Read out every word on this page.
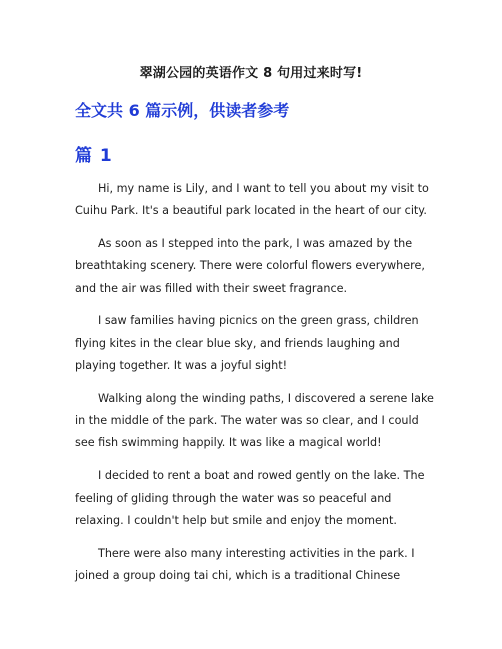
翠湖公园的英语作文 8 句用过来时写!
全文共 6 篇示例，供读者参考
篇 1

Hi, my name is Lily, and I want to tell you about my visit to Cuihu Park. It's a beautiful park located in the heart of our city.

As soon as I stepped into the park, I was amazed by the breathtaking scenery. There were colorful flowers everywhere, and the air was filled with their sweet fragrance.

I saw families having picnics on the green grass, children flying kites in the clear blue sky, and friends laughing and playing together. It was a joyful sight!

Walking along the winding paths, I discovered a serene lake in the middle of the park. The water was so clear, and I could see fish swimming happily. It was like a magical world!

I decided to rent a boat and rowed gently on the lake. The feeling of gliding through the water was so peaceful and relaxing. I couldn't help but smile and enjoy the moment.

There were also many interesting activities in the park. I joined a group doing tai chi, which is a traditional Chinese
